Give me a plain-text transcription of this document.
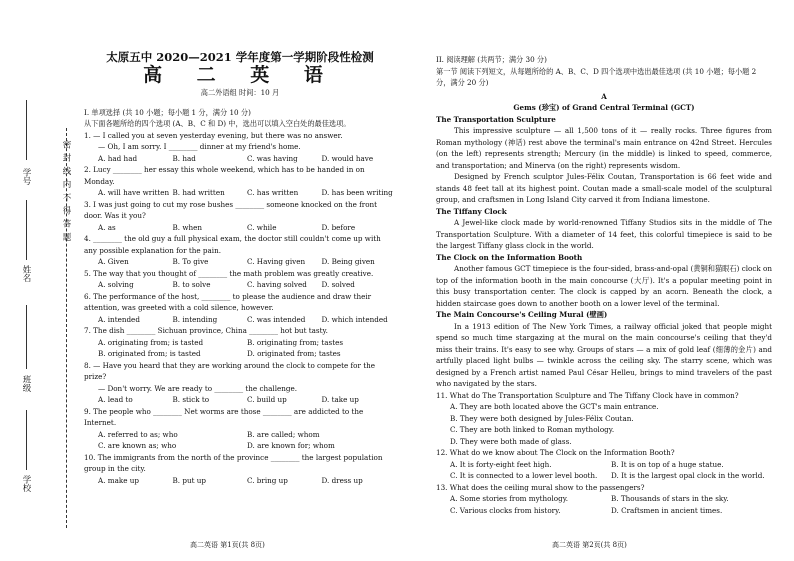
密 封 线 内 不 得 答 题
学号
姓名
班级
学校
太原五中 2020—2021 学年度第一学期阶段性检测
高 二 英 语
高二外语组 时间：10 月

I. 单项选择 (共 10 小题；每小题 1 分，满分 10 分)

从下面各题所给的四个选项 (A、B、C 和 D) 中，选出可以填入空白处的最佳选项。

1. — I called you at seven yesterday evening, but there was no answer.

— Oh, I am sorry. I ________ dinner at my friend's home.

A. had had	B. had	C. was having	D. would have

2. Lucy ________ her essay this whole weekend, which has to be handed in on Monday.

A. will have written B. had written	C. has written	D. has been writing

3. I was just going to cut my rose bushes ________ someone knocked on the front door. Was it you?

A. as	B. when	C. while	D. before

4. ________ the old guy a full physical exam, the doctor still couldn't come up with any possible explanation for the pain.

A. Given	B. To give	C. Having given	D. Being given

5. The way that you thought of ________ the math problem was greatly creative.

A. solving	B. to solve	C. having solved	D. solved

6. The performance of the host, ________ to please the audience and draw their attention, was greeted with a cold silence, however.

A. intended	B. intending	C. was intended	D. which intended

7. The dish ________ Sichuan province, China ________ hot but tasty.

A. originating from; is tasted	B. originating from; tastes
B. originated from; is tasted	D. originated from; tastes

8. — Have you heard that they are working around the clock to compete for the prize?

— Don't worry. We are ready to ________ the challenge.

A. lead to	B. stick to	C. build up	D. take up

9. The people who ________ Net worms are those ________ are addicted to the Internet.

A. referred to as; who	B. are called; whom
C. are known as; who	D. are known for; whom

10. The immigrants from the north of the province ________ the largest population group in the city.

A. make up	B. put up	C. bring up	D. dress up

II. 阅读理解 (共两节；满分 30 分)

第一节 阅读下列短文，从每题所给的 A、B、C、D 四个选项中选出最佳选项 (共 10 小题；每小题 2 分，满分 20 分)

A

Gems (珍宝) of Grand Central Terminal (GCT)

The Transportation Sculpture

This impressive sculpture — all 1,500 tons of it — really rocks. Three figures from Roman mythology (神话) rest above the terminal's main entrance on 42nd Street. Hercules (on the left) represents strength; Mercury (in the middle) is linked to speed, commerce, and transportation; and Minerva (on the right) represents wisdom.

Designed by French sculptor Jules-Félix Coutan, Transportation is 66 feet wide and stands 48 feet tall at its highest point. Coutan made a small-scale model of the sculptural group, and craftsmen in Long Island City carved it from Indiana limestone.

The Tiffany Clock

A Jewel-like clock made by world-renowned Tiffany Studios sits in the middle of The Transportation Sculpture. With a diameter of 14 feet, this colorful timepiece is said to be the largest Tiffany glass clock in the world.

The Clock on the Information Booth

Another famous GCT timepiece is the four-sided, brass-and-opal (黄铜和猫眼石) clock on top of the information booth in the main concourse (大厅). It's a popular meeting point in this busy transportation center. The clock is capped by an acorn. Beneath the clock, a hidden staircase goes down to another booth on a lower level of the terminal.

The Main Concourse's Ceiling Mural (壁画)

In a 1913 edition of The New York Times, a railway official joked that people might spend so much time stargazing at the mural on the main concourse's ceiling that they'd miss their trains. It's easy to see why. Groups of stars — a mix of gold leaf (细薄的金片) and artfully placed light bulbs — twinkle across the ceiling sky. The starry scene, which was designed by a French artist named Paul César Helleu, brings to mind travelers of the past who navigated by the stars.

11. What do The Transportation Sculpture and The Tiffany Clock have in common?

A. They are both located above the GCT's main entrance.

B. They were both designed by Jules-Félix Coutan.

C. They are both linked to Roman mythology.

D. They were both made of glass.

12. What do we know about The Clock on the Information Booth?

A. It is forty-eight feet high.	B. It is on top of a huge statue.
C. It is connected to a lower level booth.	D. It is the largest opal clock in the world.

13. What does the ceiling mural show to the passengers?

A. Some stories from mythology.	B. Thousands of stars in the sky.
C. Various clocks from history.	D. Craftsmen in ancient times.
高二英语 第1页(共 8页)	高二英语 第2页(共 8页)
